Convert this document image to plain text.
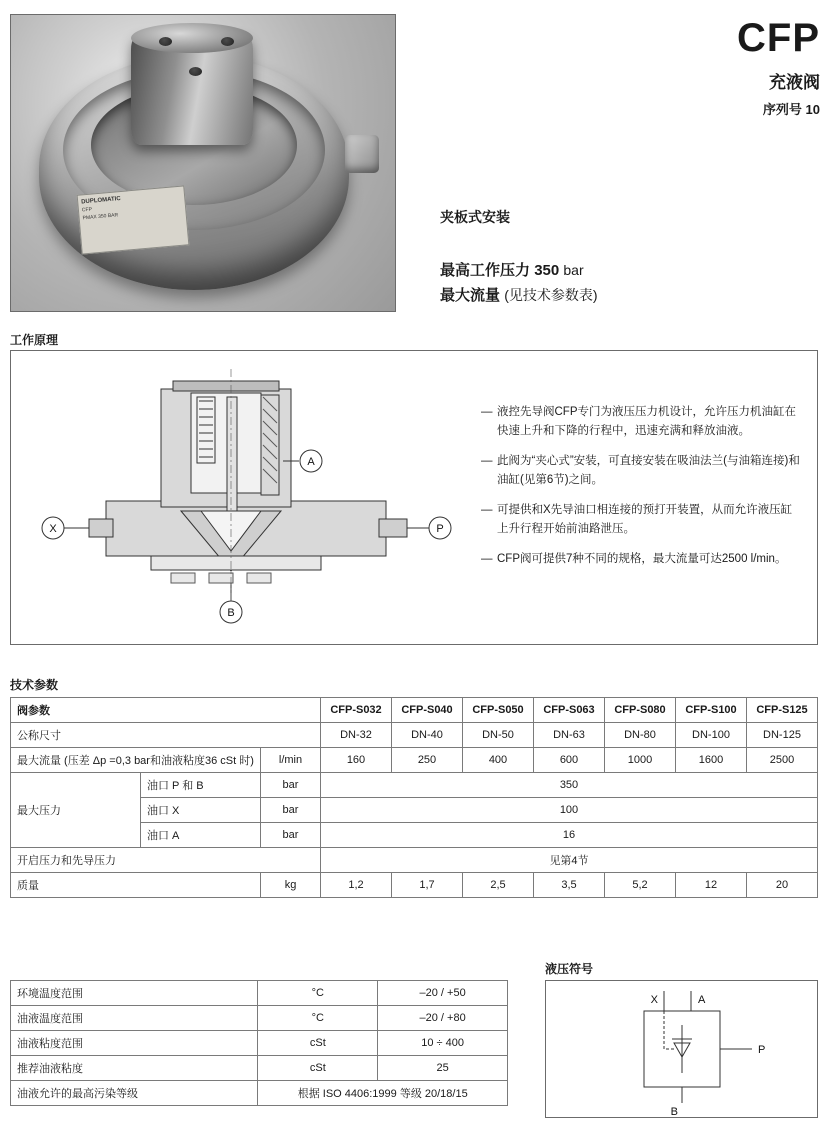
DUPLOMATIC
CFP
PMAX 350 BAR
CFP
充液阀
序列号 10
夹板式安装
最高工作压力 350 bar
最大流量 (见技术参数表)
工作原理
X	P
A
B
— 液控先导阀CFP专门为液压压力机设计，允许压力机油缸在快速上升和下降的行程中，迅速充满和释放油液。
— 此阀为“夹心式”安装，可直接安装在吸油法兰(与油箱连接)和 油缸(见第6节)之间。
— 可提供和X先导油口相连接的预打开装置，从而允许液压缸上升行程开始前油路泄压。
— CFP阀可提供7种不同的规格，最大流量可达2500 l/min。
技术参数
阀参数			CFP-S032	CFP-S040	CFP-S050	CFP-S063	CFP-S080	CFP-S100	CFP-S125
公称尺寸			DN-32	DN-40	DN-50	DN-63	DN-80	DN-100	DN-125
最大流量 (压差 Δp =0,3 bar和油液粘度36 cSt 时)		l/min	160	250	400	600	1000	1600	2500
最大压力	油口 P 和 B	bar	350						
	油口 X	bar	100						
	油口 A	bar	16						
开启压力和先导压力			见第4节						
质量		kg	1,2	1,7	2,5	3,5	5,2	12	20
环境温度范围	°C	–20 / +50
油液温度范围	°C	–20 / +80
油液粘度范围	cSt	10 ÷ 400
推荐油液粘度	cSt	25
油液允许的最高污染等级	根据 ISO 4406:1999 等级 20/18/15	
液压符号
X	A
P
B
